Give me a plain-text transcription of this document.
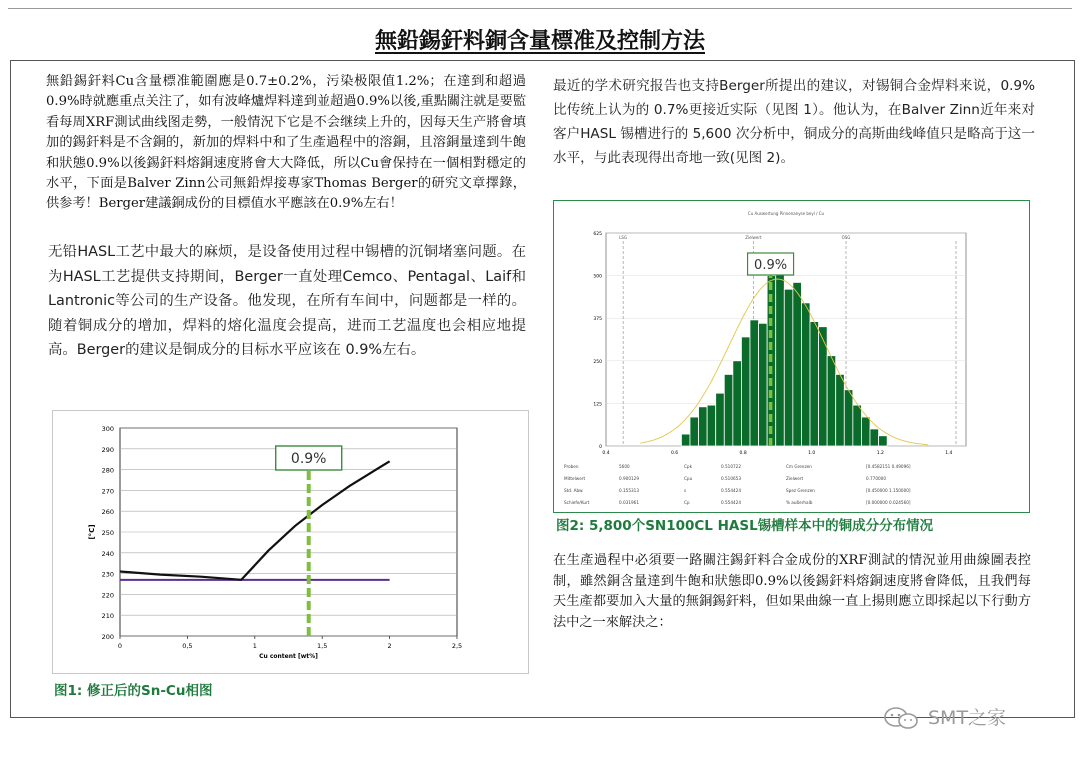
無鉛錫釬料銅含量標准及控制方法
無鉛錫釬料Cu含量標准範圍應是0.7±0.2%，污染极限值1.2%；在達到和超過0.9%時就應重点关注了，如有波峰爐焊料達到並超過0.9%以後,重點關注就是要監看每周XRF測试曲线图走勢，一般情況下它是不会继续上升的，因每天生产將會填加的錫釬料是不含銅的，新加的焊料中和了生產過程中的溶銅，且溶銅量達到牛飽和狀態0.9%以後錫釬料熔銅速度將會大大降低，所以Cu會保持在一個相對穩定的水平，下面是Balver Zinn公司無鉛焊接專家Thomas Berger的研究文章擇錄，供参考！Berger建議銅成份的目標值水平應該在0.9%左右！
无铅HASL工艺中最大的麻烦，是设备使用过程中锡槽的沉铜堵塞问题。在为HASL工艺提供支持期间，Berger一直处理Cemco、Pentagal、Laif和Lantronic等公司的生产设备。他发现，在所有车间中，问题都是一样的。随着铜成分的增加，焊料的熔化温度会提高，进而工艺温度也会相应地提高。Berger的建议是铜成分的目标水平应该在 0.9%左右。
200
210
220
230
240
250
260
270
280
290
300
0	0,5	1	1,5	2	2,5
Cu content [wt%]
[°C]
0.9%
图1: 修正后的Sn-Cu相图
最近的学术研究报告也支持Berger所提出的建议，对锡铜合金焊料来说，0.9%比传统上认为的 0.7%更接近实际（见图 1）。他认为，在Balver Zinn近年来对客户HASL 锡槽进行的 5,600 次分析中，铜成分的高斯曲线峰值只是略高于这一水平，与此表现得出奇地一致(见图 2)。
Cu Auswertung Pinnenanyse beyl / Cu
0
125
250
375
500
625
0.4	0.6	0.8	1.0	1.2	1.4
LSG	Zielwert	OSG
0.9%
Proben	5600	Cpk	0.510722	Cm Grenzen	[0.4582151 0.49096]
Mittelwert	0.900129	Cpu	0.510653	Zielwert	0.770000
Std. Abw.	0.155313	s	0.554424	Spez Grenzen	[0.450000 1.150000]
Schiefe/Kurt	0.031961	Cp	0.554424	% außerhalb	[0.000000 0.024560]
图2: 5,800个SN100CL HASL锡槽样本中的铜成分分布情况
在生產過程中必須要一路關注錫釬料合金成份的XRF測試的情況並用曲線圖表控制，雖然銅含量達到牛飽和狀態即0.9%以後錫釬料熔銅速度將會降低，且我們每天生產都要加入大量的無銅錫釬料，但如果曲線一直上揚則應立即採起以下行動方法中之一來解決之：
SMT之家
